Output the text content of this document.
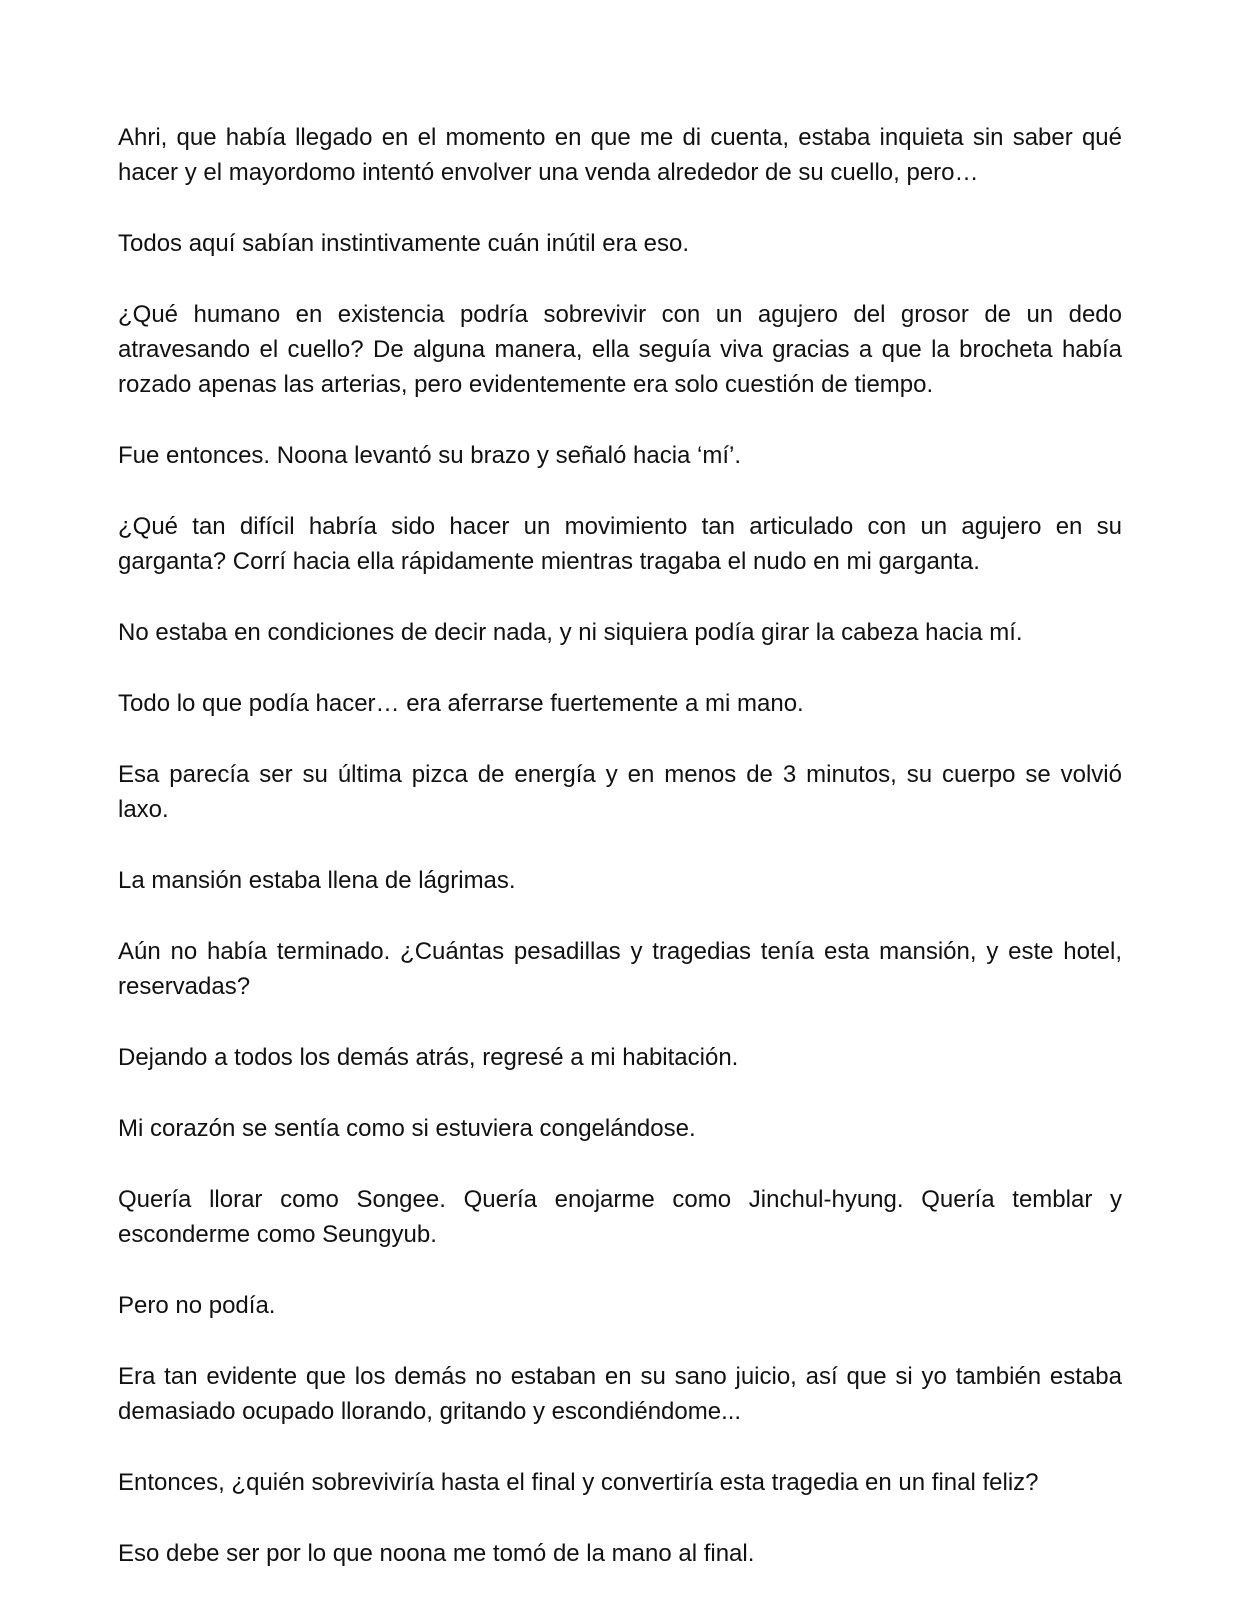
Ahri, que había llegado en el momento en que me di cuenta, estaba inquieta sin saber qué hacer y el mayordomo intentó envolver una venda alrededor de su cuello, pero…

Todos aquí sabían instintivamente cuán inútil era eso.

¿Qué humano en existencia podría sobrevivir con un agujero del grosor de un dedo atravesando el cuello? De alguna manera, ella seguía viva gracias a que la brocheta había rozado apenas las arterias, pero evidentemente era solo cuestión de tiempo.

Fue entonces. Noona levantó su brazo y señaló hacia ‘mí’.

¿Qué tan difícil habría sido hacer un movimiento tan articulado con un agujero en su garganta? Corrí hacia ella rápidamente mientras tragaba el nudo en mi garganta.

No estaba en condiciones de decir nada, y ni siquiera podía girar la cabeza hacia mí.

Todo lo que podía hacer… era aferrarse fuertemente a mi mano.

Esa parecía ser su última pizca de energía y en menos de 3 minutos, su cuerpo se volvió laxo.

La mansión estaba llena de lágrimas.

Aún no había terminado. ¿Cuántas pesadillas y tragedias tenía esta mansión, y este hotel, reservadas?

Dejando a todos los demás atrás, regresé a mi habitación.

Mi corazón se sentía como si estuviera congelándose.

Quería llorar como Songee. Quería enojarme como Jinchul-hyung. Quería temblar y esconderme como Seungyub.

Pero no podía.

Era tan evidente que los demás no estaban en su sano juicio, así que si yo también estaba demasiado ocupado llorando, gritando y escondiéndome...

Entonces, ¿quién sobreviviría hasta el final y convertiría esta tragedia en un final feliz?

Eso debe ser por lo que noona me tomó de la mano al final.
